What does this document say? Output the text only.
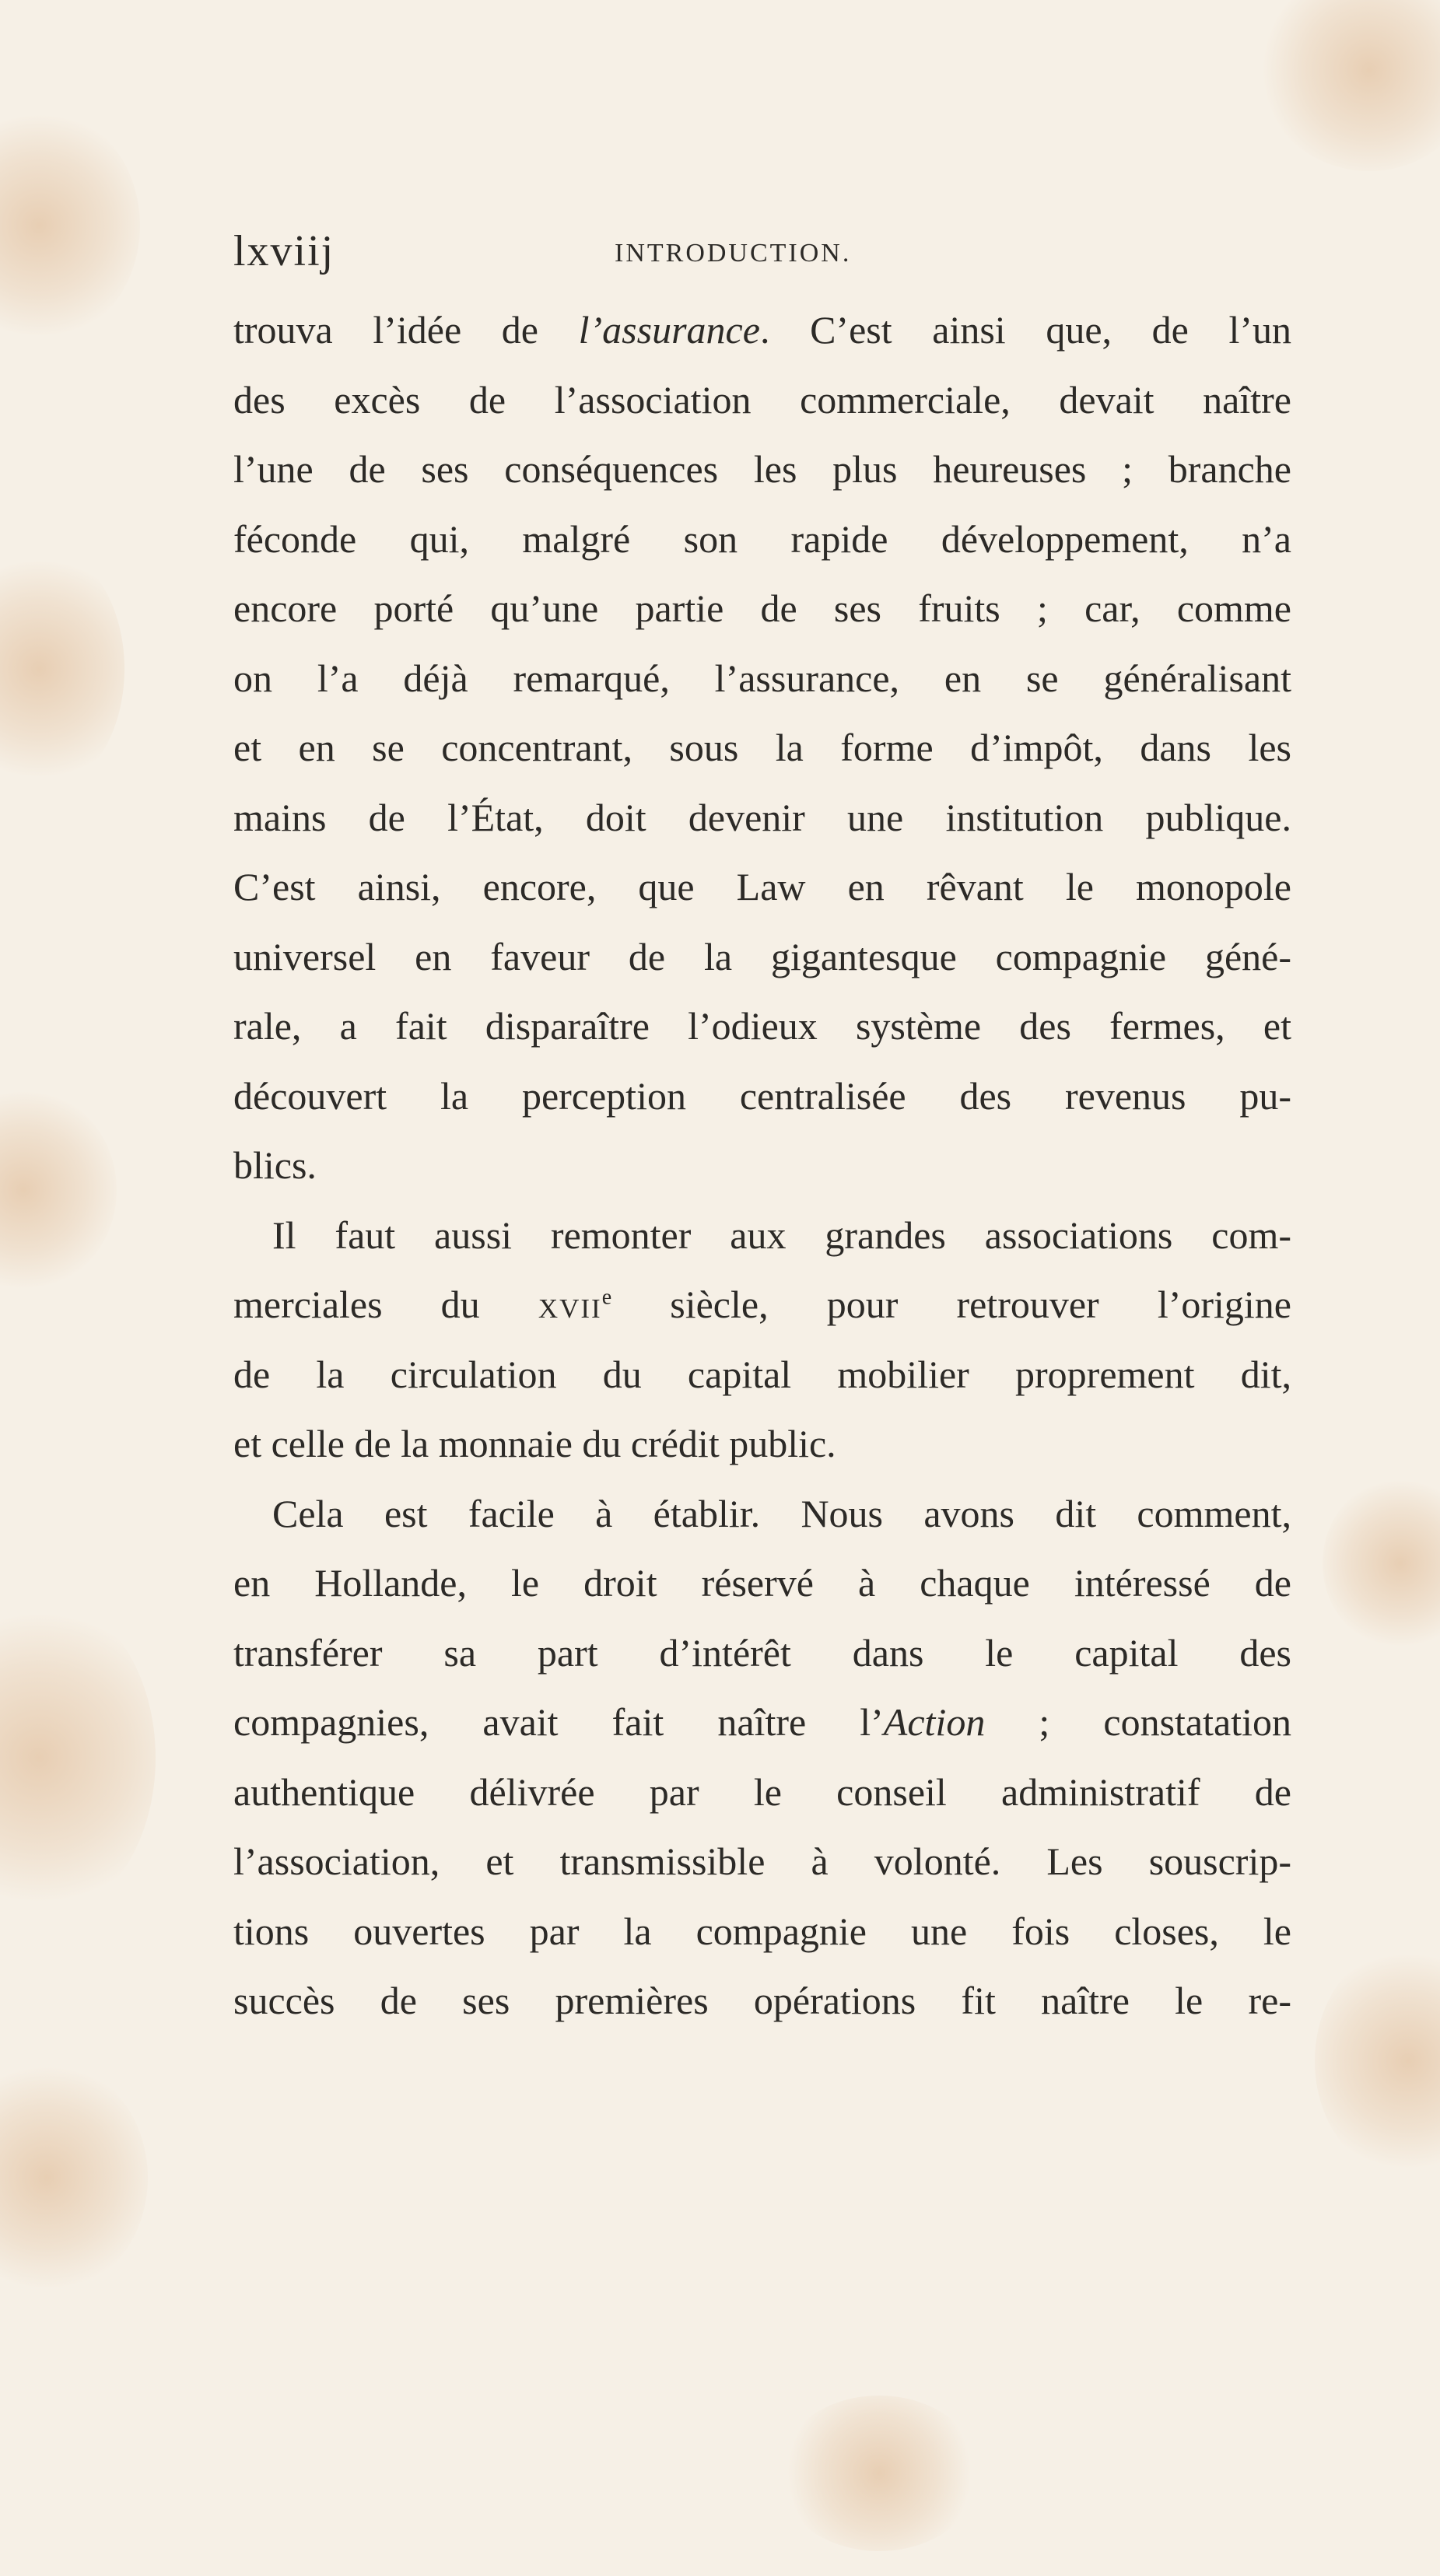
lxviij	INTRODUCTION.

trouva l’idée de l’assurance. C’est ainsi que, de l’un
des excès de l’association commerciale, devait naître
l’une de ses conséquences les plus heureuses ; branche
féconde qui, malgré son rapide développement, n’a
encore porté qu’une partie de ses fruits ; car, comme
on l’a déjà remarqué, l’assurance, en se généralisant
et en se concentrant, sous la forme d’impôt, dans les
mains de l’État, doit devenir une institution publique.
C’est ainsi, encore, que Law en rêvant le monopole
universel en faveur de la gigantesque compagnie géné-
rale, a fait disparaître l’odieux système des fermes, et
découvert la perception centralisée des revenus pu-
blics.

Il faut aussi remonter aux grandes associations com-
merciales du xvii$^e$ siècle, pour retrouver l’origine
de la circulation du capital mobilier proprement dit,
et celle de la monnaie du crédit public.

Cela est facile à établir. Nous avons dit comment,
en Hollande, le droit réservé à chaque intéressé de
transférer sa part d’intérêt dans le capital des
compagnies, avait fait naître l’Action ; constatation
authentique délivrée par le conseil administratif de
l’association, et transmissible à volonté. Les souscrip-
tions ouvertes par la compagnie une fois closes, le
succès de ses premières opérations fit naître le re-
